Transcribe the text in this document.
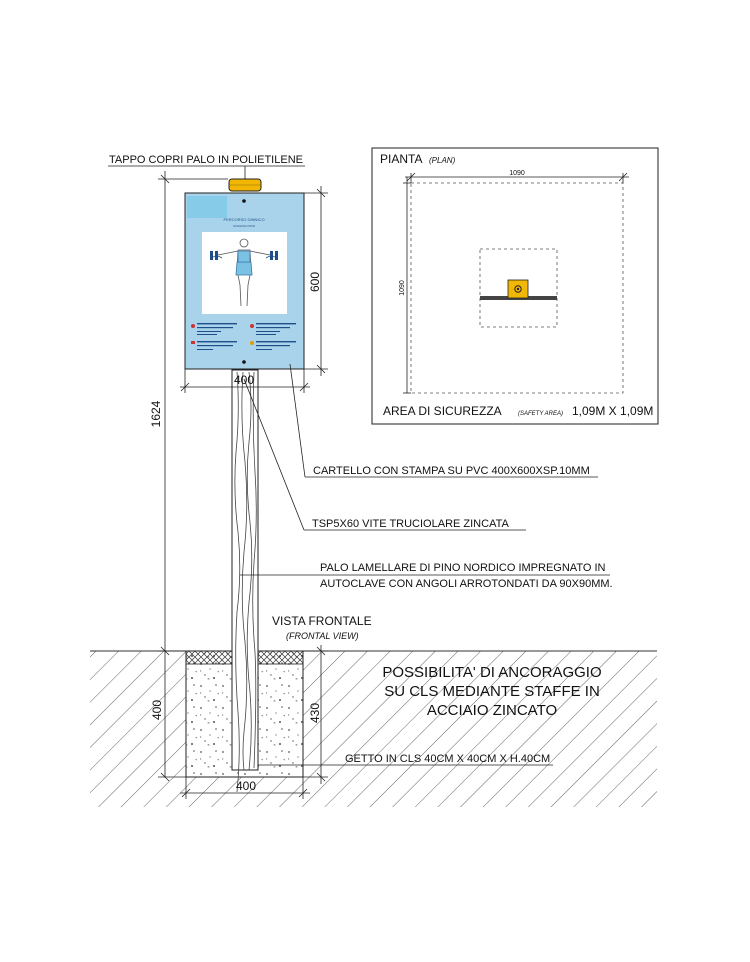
PERCORSO GINNICO
JOGGING PATH
1624
600
400
400	430
400
TAPPO COPRI PALO IN POLIETILENE
CARTELLO CON STAMPA SU PVC 400X600XSP.10MM
TSP5X60 VITE TRUCIOLARE ZINCATA
PALO LAMELLARE DI PINO NORDICO IMPREGNATO IN
AUTOCLAVE CON ANGOLI ARROTONDATI DA 90X90MM.
VISTA FRONTALE
(FRONTAL VIEW)
POSSIBILITA' DI ANCORAGGIO
SU CLS MEDIANTE STAFFE IN
ACCIAIO ZINCATO
GETTO IN CLS 40CM X 40CM X H.40CM
PIANTA (PLAN)
1090
1090
AREA DI SICUREZZA	(SAFETY AREA) 1,09M X 1,09M
